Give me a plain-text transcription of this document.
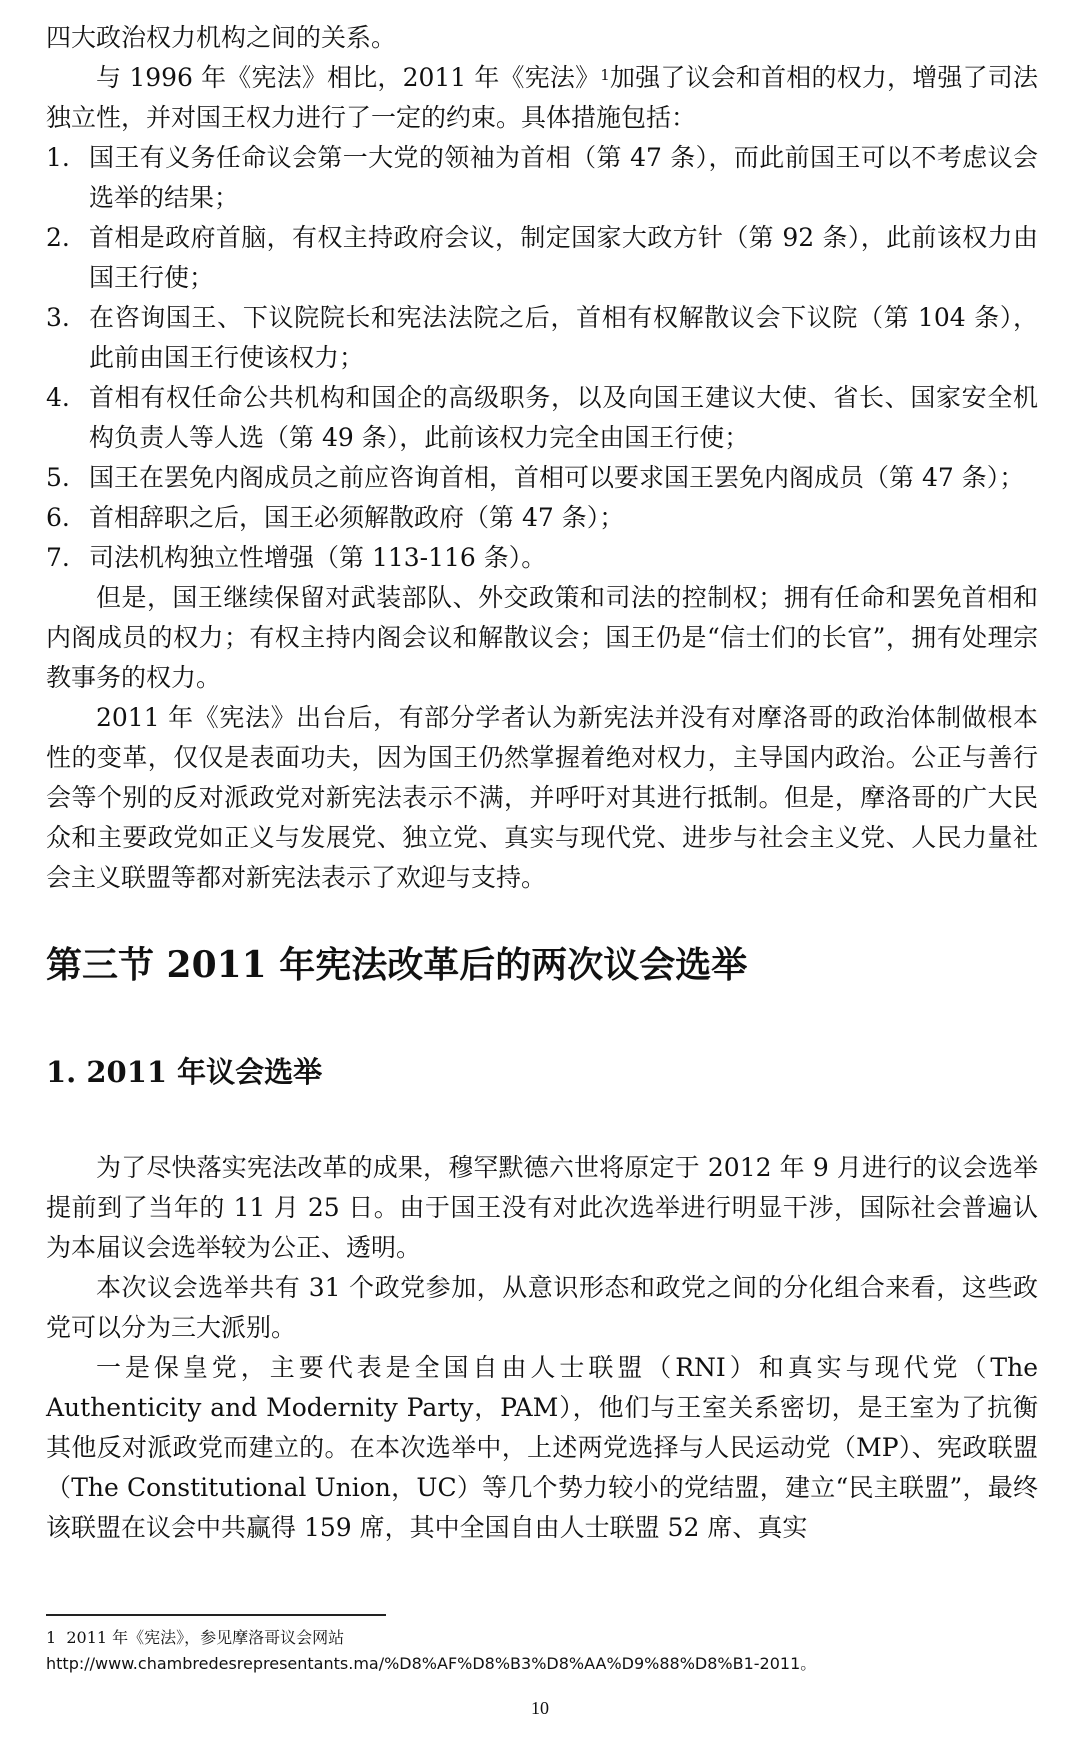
四大政治权力机构之间的关系。

与 1996 年《宪法》相比，2011 年《宪法》$^1$加强了议会和首相的权力，增强了司法独立性，并对国王权力进行了一定的约束。具体措施包括：

1. 国王有义务任命议会第一大党的领袖为首相（第 47 条），而此前国王可以不考虑议会选举的结果；
2. 首相是政府首脑，有权主持政府会议，制定国家大政方针（第 92 条），此前该权力由国王行使；
3. 在咨询国王、下议院院长和宪法法院之后，首相有权解散议会下议院（第 104 条），此前由国王行使该权力；
4. 首相有权任命公共机构和国企的高级职务，以及向国王建议大使、省长、国家安全机构负责人等人选（第 49 条），此前该权力完全由国王行使；
5. 国王在罢免内阁成员之前应咨询首相，首相可以要求国王罢免内阁成员（第 47 条）；
6. 首相辞职之后，国王必须解散政府（第 47 条）；
7. 司法机构独立性增强（第 113-116 条）。

但是，国王继续保留对武装部队、外交政策和司法的控制权；拥有任命和罢免首相和内阁成员的权力；有权主持内阁会议和解散议会；国王仍是“信士们的长官”，拥有处理宗教事务的权力。

2011 年《宪法》出台后，有部分学者认为新宪法并没有对摩洛哥的政治体制做根本性的变革，仅仅是表面功夫，因为国王仍然掌握着绝对权力，主导国内政治。公正与善行会等个别的反对派政党对新宪法表示不满，并呼吁对其进行抵制。但是，摩洛哥的广大民众和主要政党如正义与发展党、独立党、真实与现代党、进步与社会主义党、人民力量社会主义联盟等都对新宪法表示了欢迎与支持。

第三节 2011 年宪法改革后的两次议会选举
1. 2011 年议会选举

为了尽快落实宪法改革的成果，穆罕默德六世将原定于 2012 年 9 月进行的议会选举提前到了当年的 11 月 25 日。由于国王没有对此次选举进行明显干涉，国际社会普遍认为本届议会选举较为公正、透明。

本次议会选举共有 31 个政党参加，从意识形态和政党之间的分化组合来看，这些政党可以分为三大派别。

一是保皇党，主要代表是全国自由人士联盟（RNI）和真实与现代党（The Authenticity and Modernity Party，PAM），他们与王室关系密切，是王室为了抗衡其他反对派政党而建立的。在本次选举中，上述两党选择与人民运动党（MP）、宪政联盟（The Constitutional Union，UC）等几个势力较小的党结盟，建立“民主联盟”，最终该联盟在议会中共赢得 159 席，其中全国自由人士联盟 52 席、真实

1 2011 年《宪法》，参见摩洛哥议会网站
http://www.chambredesrepresentants.ma/%D8%AF%D8%B3%D8%AA%D9%88%D8%B1-2011。
10
